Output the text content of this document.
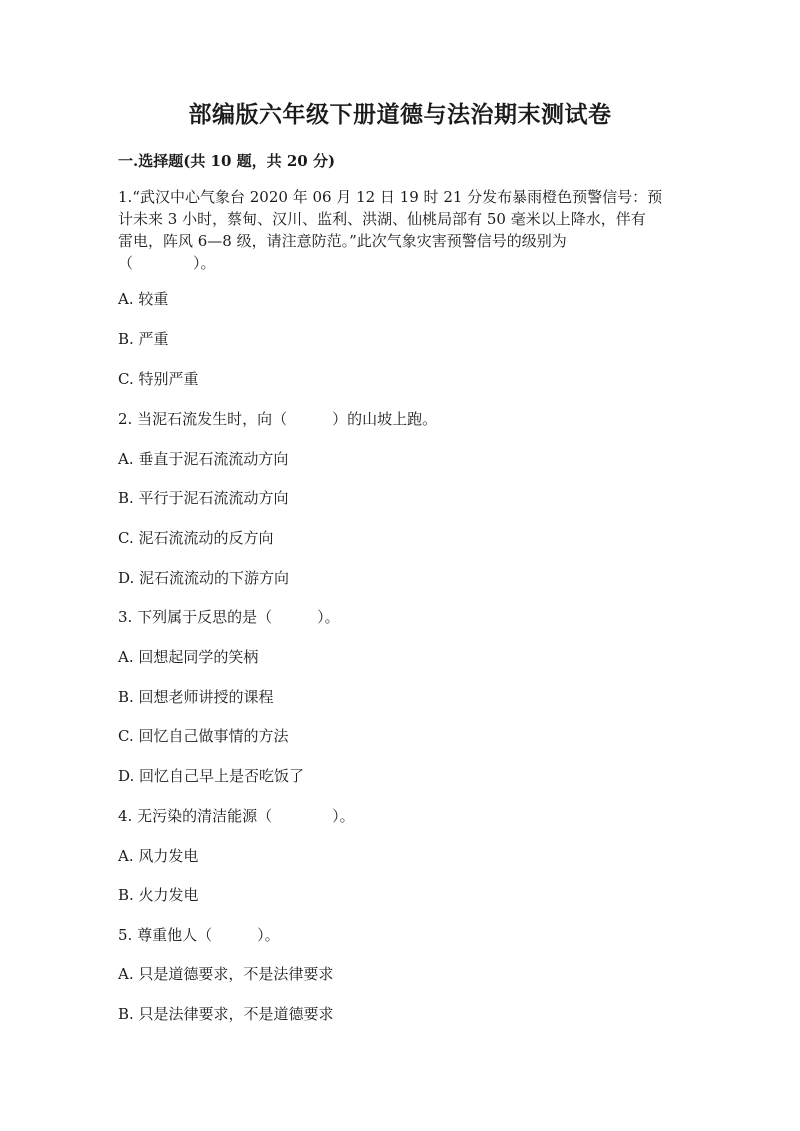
部编版六年级下册道德与法治期末测试卷

一.选择题(共 10 题，共 20 分)

1.“武汉中心气象台 2020 年 06 月 12 日 19 时 21 分发布暴雨橙色预警信号：预
计未来 3 小时，蔡甸、汉川、监利、洪湖、仙桃局部有 50 毫米以上降水，伴有
雷电，阵风 6—8 级，请注意防范。”此次气象灾害预警信号的级别为
（　　　　）。

A. 较重

B. 严重

C. 特别严重

2. 当泥石流发生时，向（　　　）的山坡上跑。

A. 垂直于泥石流流动方向

B. 平行于泥石流流动方向

C. 泥石流流动的反方向

D. 泥石流流动的下游方向

3. 下列属于反思的是（　　　）。

A. 回想起同学的笑柄

B. 回想老师讲授的课程

C. 回忆自己做事情的方法

D. 回忆自己早上是否吃饭了

4. 无污染的清洁能源（　　　　）。

A. 风力发电

B. 火力发电

5. 尊重他人（　　　）。

A. 只是道德要求，不是法律要求

B. 只是法律要求，不是道德要求
